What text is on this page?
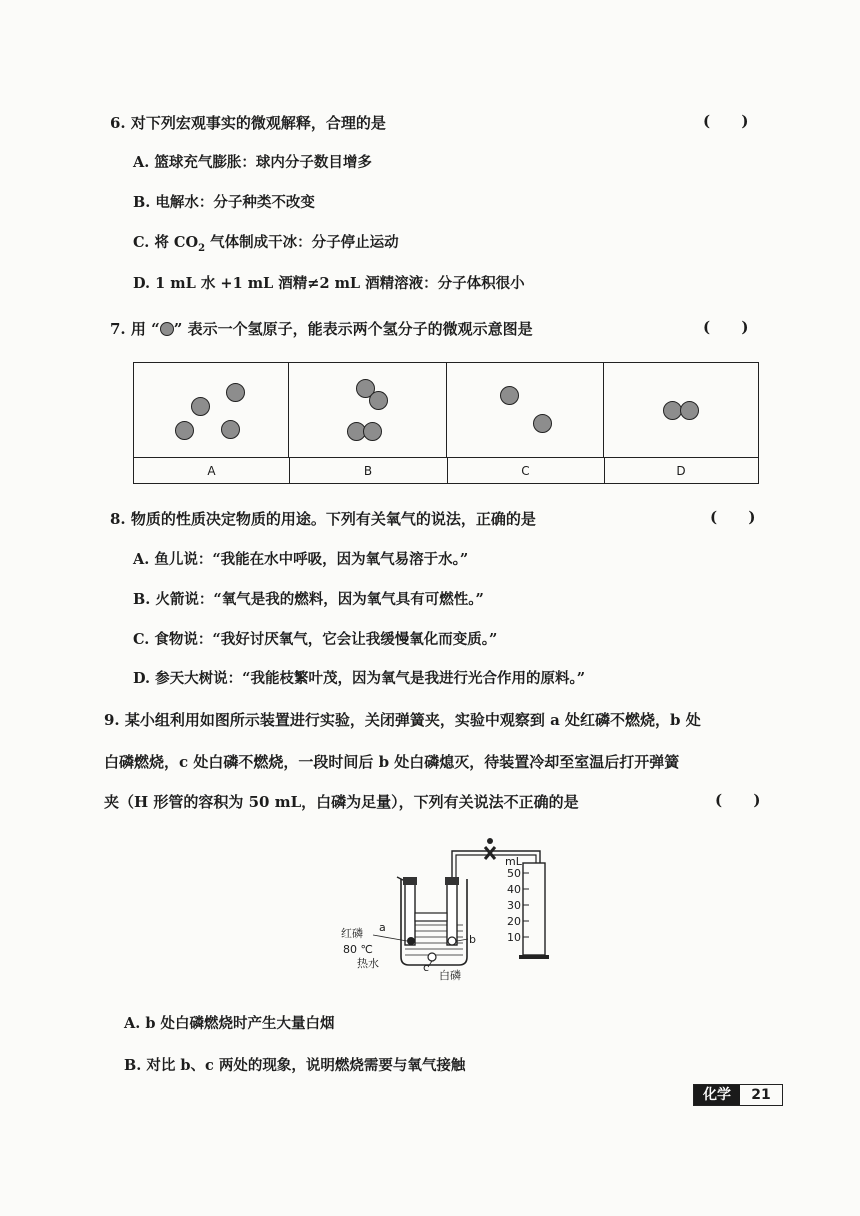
6. 对下列宏观事实的微观解释，合理的是	(      )
A. 篮球充气膨胀：球内分子数目增多
B. 电解水：分子种类不改变
C. 将 $CO_2$ 气体制成干冰：分子停止运动
D. 1 mL 水 +1 mL 酒精≠2 mL 酒精溶液：分子体积很小
7. 用 “ ” 表示一个氢原子，能表示两个氢分子的微观示意图是	(      )
A	B	C	D
8. 物质的性质决定物质的用途。下列有关氧气的说法，正确的是	(      )
A. 鱼儿说：“我能在水中呼吸，因为氧气易溶于水。”
B. 火箭说：“氧气是我的燃料，因为氧气具有可燃性。”
C. 食物说：“我好讨厌氧气，它会让我缓慢氧化而变质。”
D. 参天大树说：“我能枝繁叶茂，因为氧气是我进行光合作用的原料。”
9. 某小组利用如图所示装置进行实验，关闭弹簧夹，实验中观察到 a 处红磷不燃烧，b 处
白磷燃烧，c 处白磷不燃烧，一段时间后 b 处白磷熄灭，待装置冷却至室温后打开弹簧
夹（H 形管的容积为 50 mL，白磷为足量），下列有关说法不正确的是	(      )
mL
50
40
30
20
10
红磷
80 ℃
热水
白磷
a
b
c
A. b 处白磷燃烧时产生大量白烟
B. 对比 b、c 两处的现象，说明燃烧需要与氧气接触
化学	21
